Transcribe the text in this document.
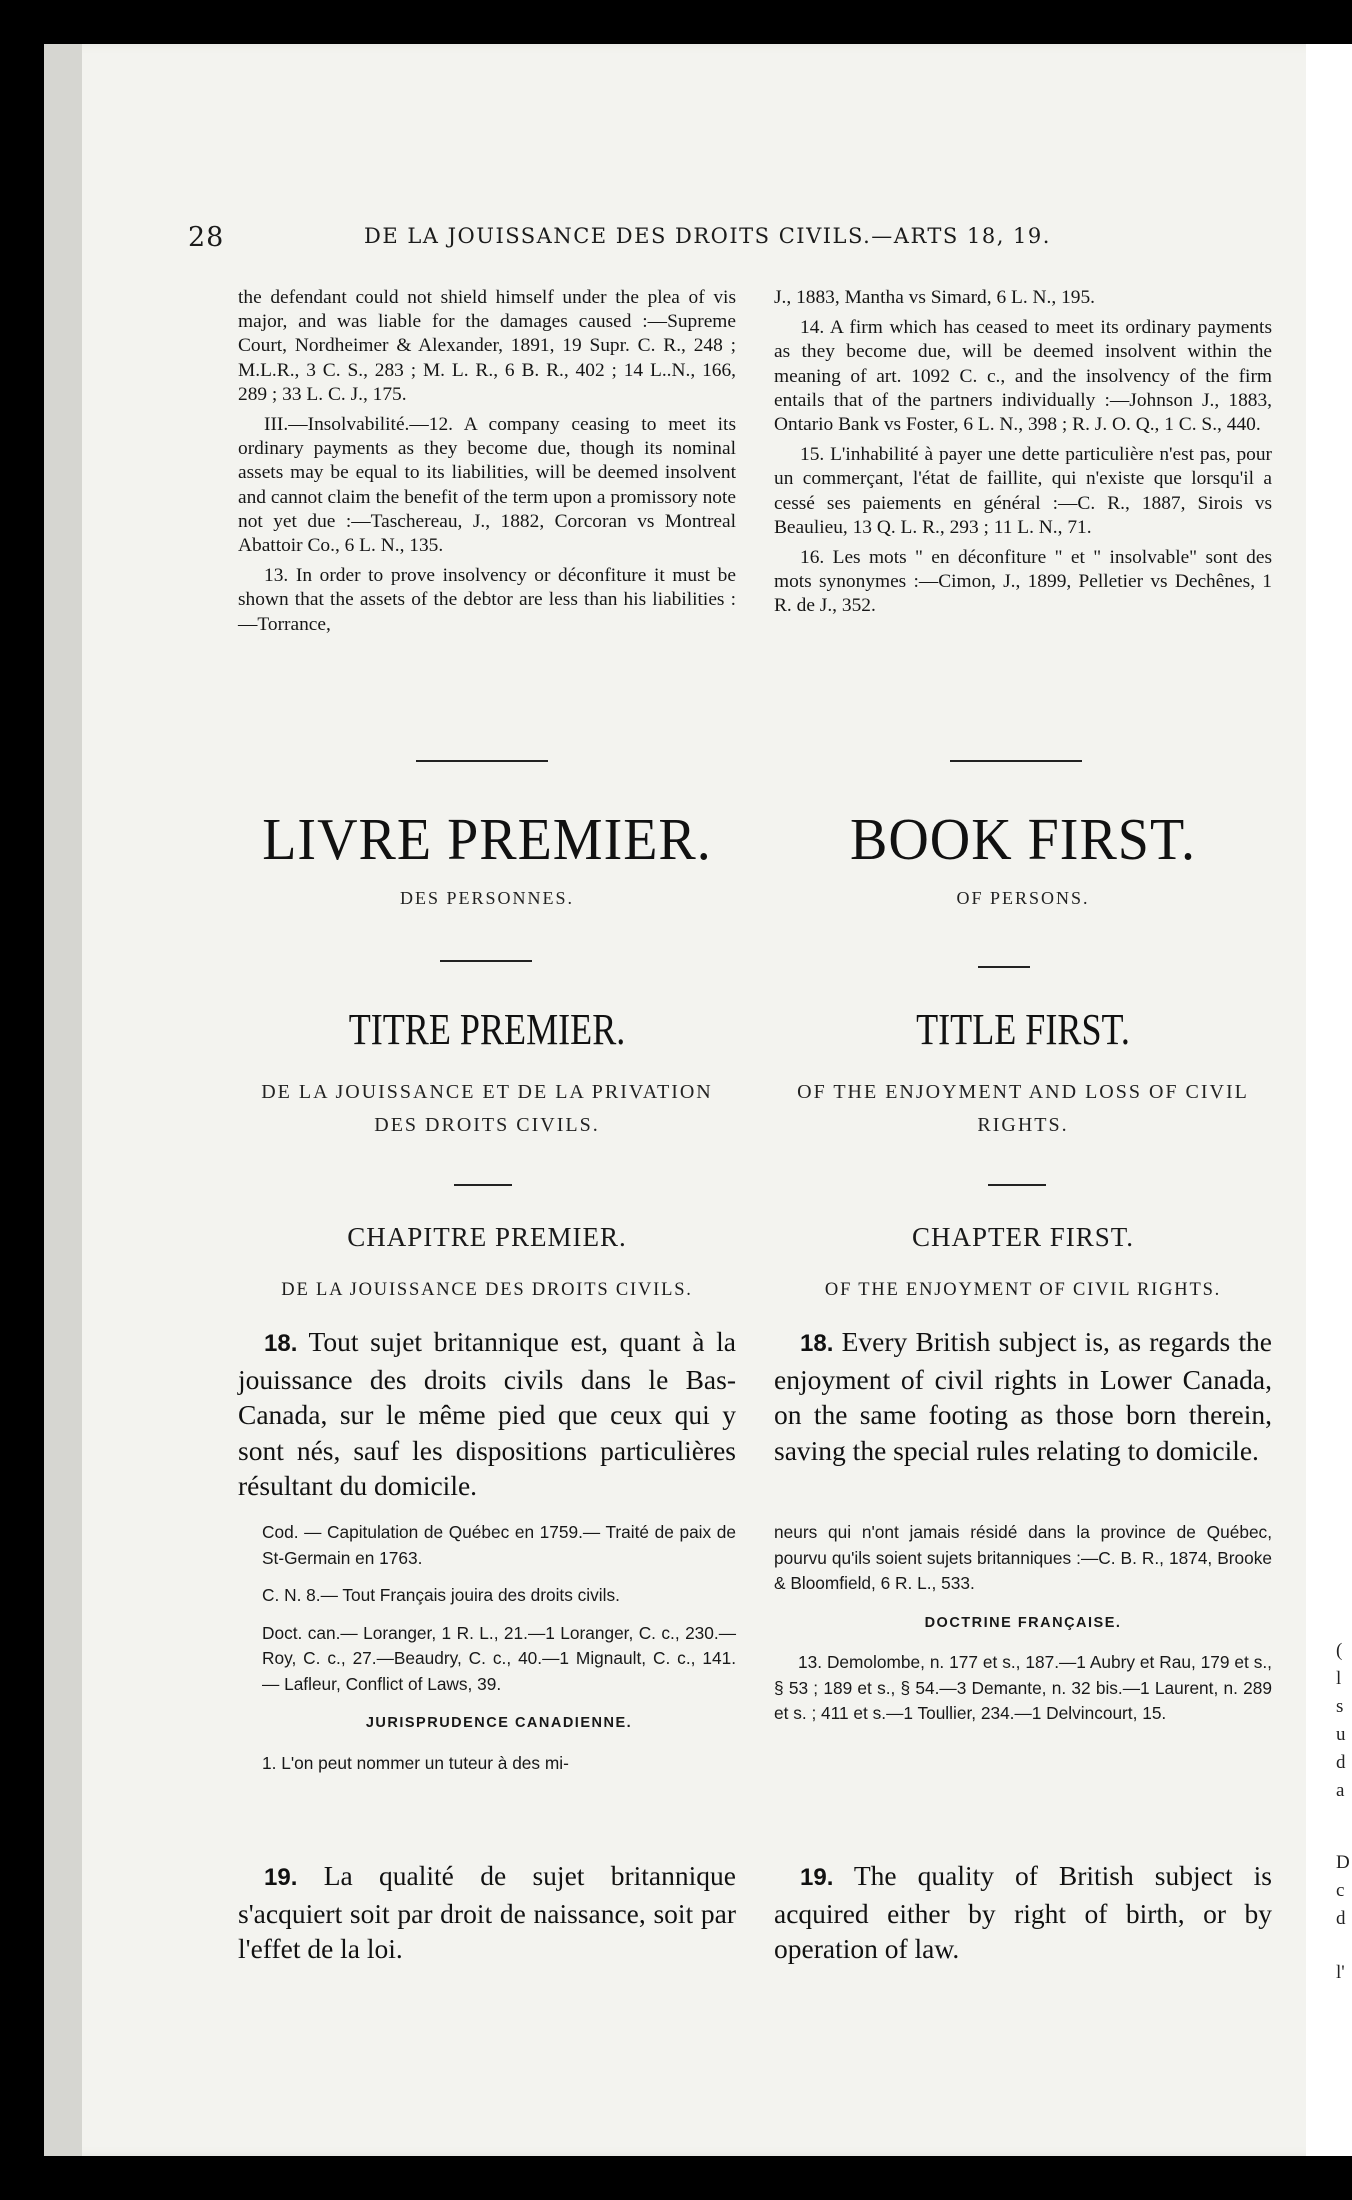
28	DE LA JOUISSANCE DES DROITS CIVILS.—ARTS 18, 19.

the defendant could not shield himself under the plea of vis major, and was liable for the damages caused :—Supreme Court, Nordheimer & Alexander, 1891, 19 Supr. C. R., 248 ; M.L.R., 3 C. S., 283 ; M. L. R., 6 B. R., 402 ; 14 L..N., 166, 289 ; 33 L. C. J., 175.

III.—Insolvabilité.—12. A company ceasing to meet its ordinary payments as they become due, though its nominal assets may be equal to its liabilities, will be deemed insolvent and cannot claim the benefit of the term upon a promissory note not yet due :—Taschereau, J., 1882, Corcoran vs Montreal Abattoir Co., 6 L. N., 135.

13. In order to prove insolvency or déconfiture it must be shown that the assets of the debtor are less than his liabilities :—Torrance,

J., 1883, Mantha vs Simard, 6 L. N., 195.

14. A firm which has ceased to meet its ordinary payments as they become due, will be deemed insolvent within the meaning of art. 1092 C. c., and the insolvency of the firm entails that of the partners individually :—Johnson J., 1883, Ontario Bank vs Foster, 6 L. N., 398 ; R. J. O. Q., 1 C. S., 440.

15. L'inhabilité à payer une dette particulière n'est pas, pour un commerçant, l'état de faillite, qui n'existe que lorsqu'il a cessé ses paiements en général :—C. R., 1887, Sirois vs Beaulieu, 13 Q. L. R., 293 ; 11 L. N., 71.

16. Les mots " en déconfiture " et " insolvable" sont des mots synonymes :—Cimon, J., 1899, Pelletier vs Dechênes, 1 R. de J., 352.

LIVRE PREMIER.	BOOK FIRST.
DES PERSONNES.	OF PERSONS.
TITRE PREMIER.	TITLE FIRST.
DE LA JOUISSANCE ET DE LA PRIVATION DES DROITS CIVILS.
OF THE ENJOYMENT AND LOSS OF CIVIL RIGHTS.
CHAPITRE PREMIER.	CHAPTER FIRST.
DE LA JOUISSANCE DES DROITS CIVILS.	OF THE ENJOYMENT OF CIVIL RIGHTS.
18. Tout sujet britannique est, quant à la jouissance des droits civils dans le Bas-Canada, sur le même pied que ceux qui y sont nés, sauf les dispositions particulières résultant du domicile.
18. Every British subject is, as regards the enjoyment of civil rights in Lower Canada, on the same footing as those born therein, saving the special rules relating to domicile.

Cod. — Capitulation de Québec en 1759.— Traité de paix de St-Germain en 1763.

C. N. 8.— Tout Français jouira des droits civils.

Doct. can.— Loranger, 1 R. L., 21.—1 Loranger, C. c., 230.—Roy, C. c., 27.—Beaudry, C. c., 40.—1 Mignault, C. c., 141. — Lafleur, Conflict of Laws, 39.

JURISPRUDENCE CANADIENNE.

1. L'on peut nommer un tuteur à des mi-

neurs qui n'ont jamais résidé dans la province de Québec, pourvu qu'ils soient sujets britanniques :—C. B. R., 1874, Brooke & Bloomfield, 6 R. L., 533.

DOCTRINE FRANÇAISE.

13. Demolombe, n. 177 et s., 187.—1 Aubry et Rau, 179 et s., § 53 ; 189 et s., § 54.—3 Demante, n. 32 bis.—1 Laurent, n. 289 et s. ; 411 et s.—1 Toullier, 234.—1 Delvincourt, 15.

19. La qualité de sujet britannique s'acquiert soit par droit de naissance, soit par l'effet de la loi.
19. The quality of British subject is acquired either by right of birth, or by operation of law.
(
l
s
u
d
a
D
c
d
l'
